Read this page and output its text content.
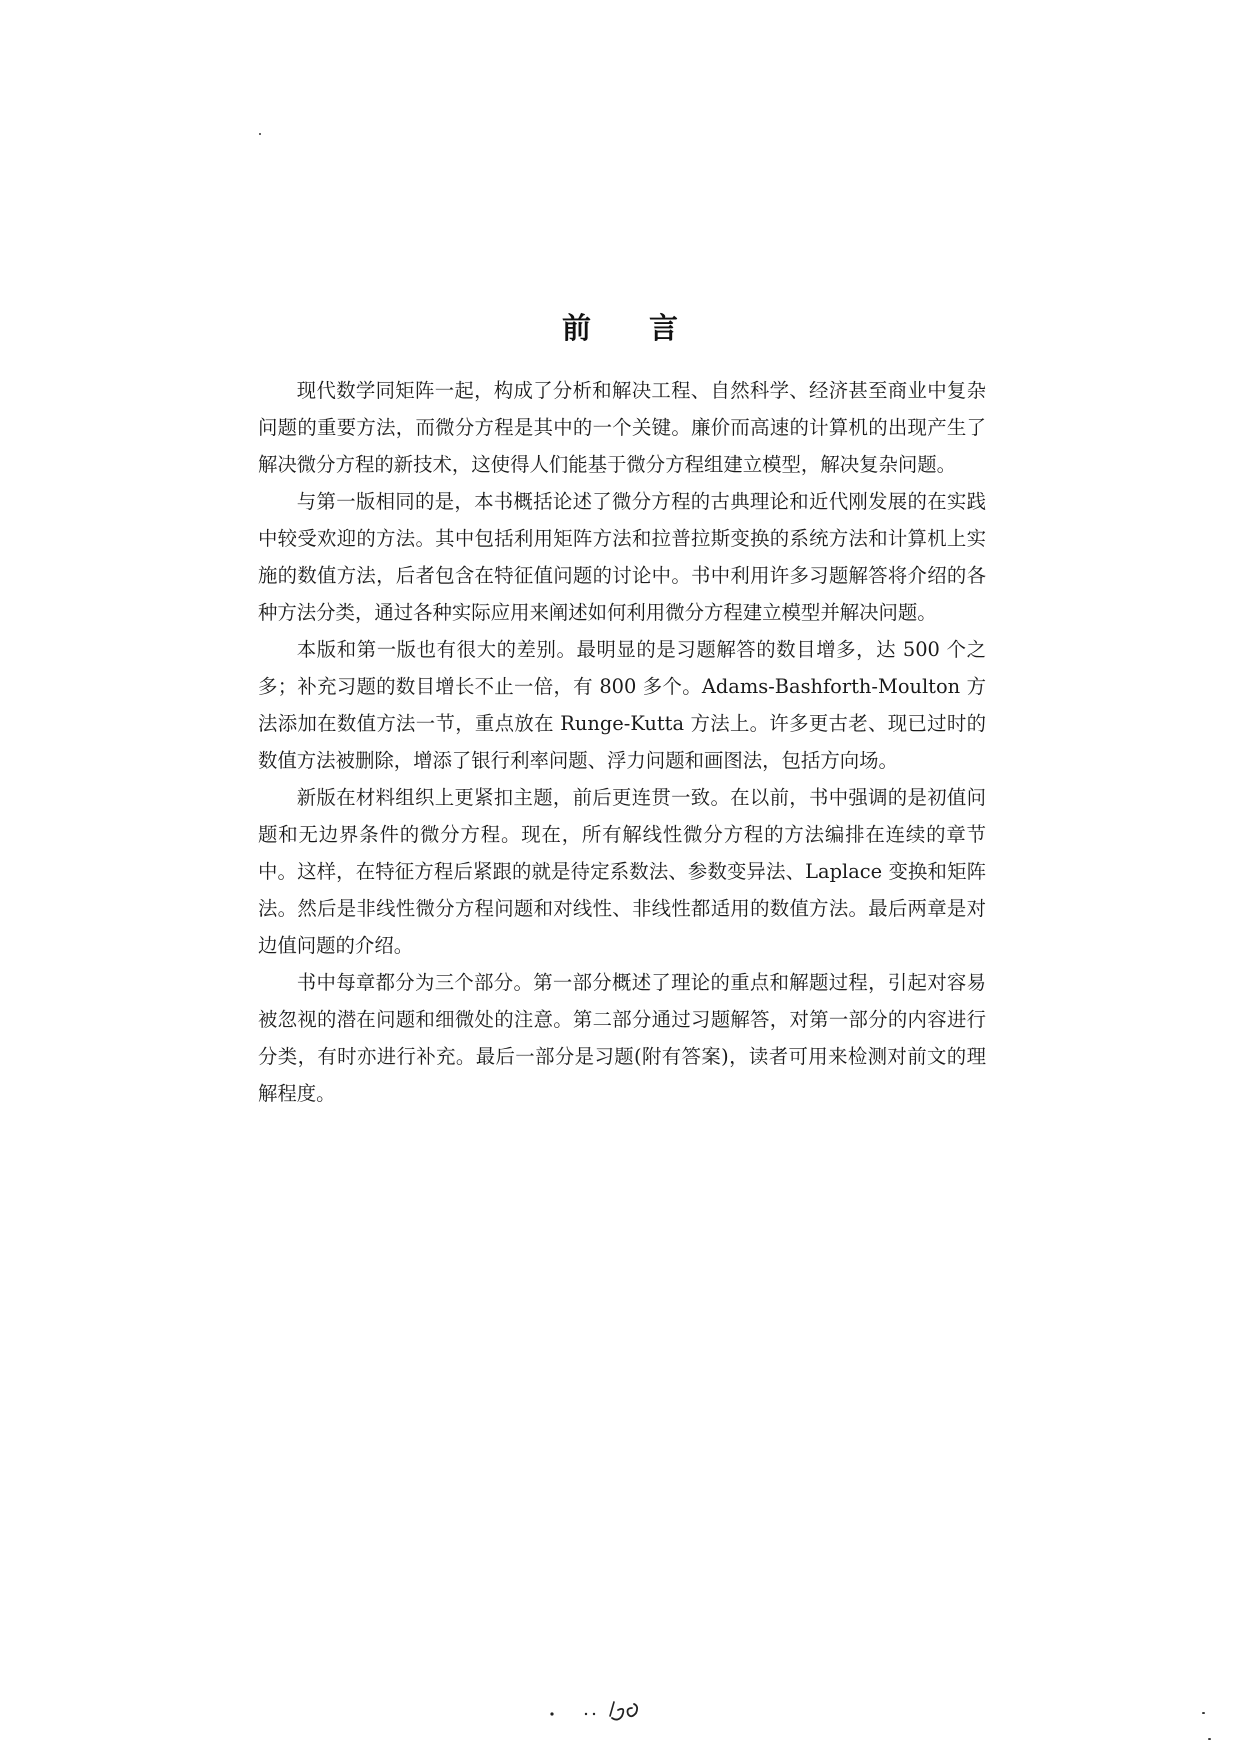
前 言

现代数学同矩阵一起，构成了分析和解决工程、自然科学、经济甚至商业中复杂问题的重要方法，而微分方程是其中的一个关键。廉价而高速的计算机的出现产生了解决微分方程的新技术，这使得人们能基于微分方程组建立模型，解决复杂问题。

与第一版相同的是，本书概括论述了微分方程的古典理论和近代刚发展的在实践中较受欢迎的方法。其中包括利用矩阵方法和拉普拉斯变换的系统方法和计算机上实施的数值方法，后者包含在特征值问题的讨论中。书中利用许多习题解答将介绍的各种方法分类，通过各种实际应用来阐述如何利用微分方程建立模型并解决问题。

本版和第一版也有很大的差别。最明显的是习题解答的数目增多，达 500 个之多；补充习题的数目增长不止一倍，有 800 多个。Adams-Bashforth-Moulton 方法添加在数值方法一节，重点放在 Runge-Kutta 方法上。许多更古老、现已过时的数值方法被删除，增添了银行利率问题、浮力问题和画图法，包括方向场。

新版在材料组织上更紧扣主题，前后更连贯一致。在以前，书中强调的是初值问题和无边界条件的微分方程。现在，所有解线性微分方程的方法编排在连续的章节中。这样，在特征方程后紧跟的就是待定系数法、参数变异法、Laplace 变换和矩阵法。然后是非线性微分方程问题和对线性、非线性都适用的数值方法。最后两章是对边值问题的介绍。

书中每章都分为三个部分。第一部分概述了理论的重点和解题过程，引起对容易被忽视的潜在问题和细微处的注意。第二部分通过习题解答，对第一部分的内容进行分类，有时亦进行补充。最后一部分是习题(附有答案)，读者可用来检测对前文的理解程度。
